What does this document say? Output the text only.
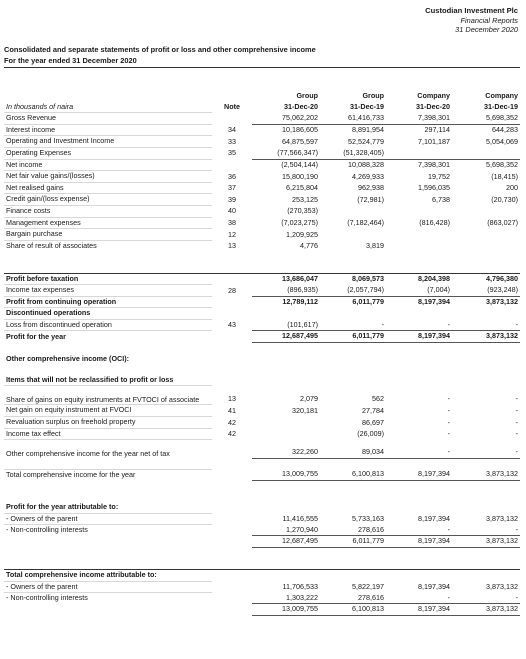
Custodian Investment Plc
Financial Reports
31 December 2020
Consolidated and separate statements of profit or loss and other comprehensive income
For the year ended 31 December 2020
		Group	Group	Company	Company
In thousands of naira	Note	31-Dec-20	31-Dec-19	31-Dec-20	31-Dec-19
Gross Revenue		75,062,202	61,416,733	7,398,301	5,698,352
Interest income	34	10,186,605	8,891,954	297,114	644,283
Operating and Investment Income	33	64,875,597	52,524,779	7,101,187	5,054,069
Operating Expenses	35	(77,566,347)	(51,328,405)		
Net income		(2,504,144)	10,088,328	7,398,301	5,698,352
Net fair value gains/(losses)	36	15,800,190	4,269,933	19,752	(18,415)
Net realised gains	37	6,215,804	962,938	1,596,035	200
Credit gain/(loss expense)	39	253,125	(72,981)	6,738	(20,730)
Finance costs	40	(270,353)			
Management expenses	38	(7,023,275)	(7,182,464)	(816,428)	(863,027)
Bargain purchase	12	1,209,925			
Share of result of associates	13	4,776	3,819		

Profit before taxation		13,686,047	8,069,573	8,204,398	4,796,380
Income tax expenses	28	(896,935)	(2,057,794)	(7,004)	(923,248)
Profit from continuing operation		12,789,112	6,011,779	8,197,394	3,873,132
Discontinued operations					
Loss from discontinued operation	43	(101,617)	-	-	-
Profit for the year		12,687,495	6,011,779	8,197,394	3,873,132

Other comprehensive income (OCI):					

Items that will not be reclassified to profit or loss					
Share of gains on equity instruments at FVTOCI of associate	13	2,079	562	-	-
Net gain on equity instrument at FVOCI	41	320,181	27,784	-	-
Revaluation surplus on freehold property	42		86,697	-	-
Income tax effect	42		(26,009)	-	-
Other comprehensive income for the year net of tax		322,260	89,034	-	-

Total comprehensive income for the year		13,009,755	6,100,813	8,197,394	3,873,132

Profit for the year attributable to:					
- Owners of the parent		11,416,555	5,733,163	8,197,394	3,873,132
- Non-controlling interests		1,270,940	278,616	-	-
		12,687,495	6,011,779	8,197,394	3,873,132

Total comprehensive income attributable to:					
- Owners of the parent		11,706,533	5,822,197	8,197,394	3,873,132
- Non-controlling interests		1,303,222	278,616	-	-
		13,009,755	6,100,813	8,197,394	3,873,132
